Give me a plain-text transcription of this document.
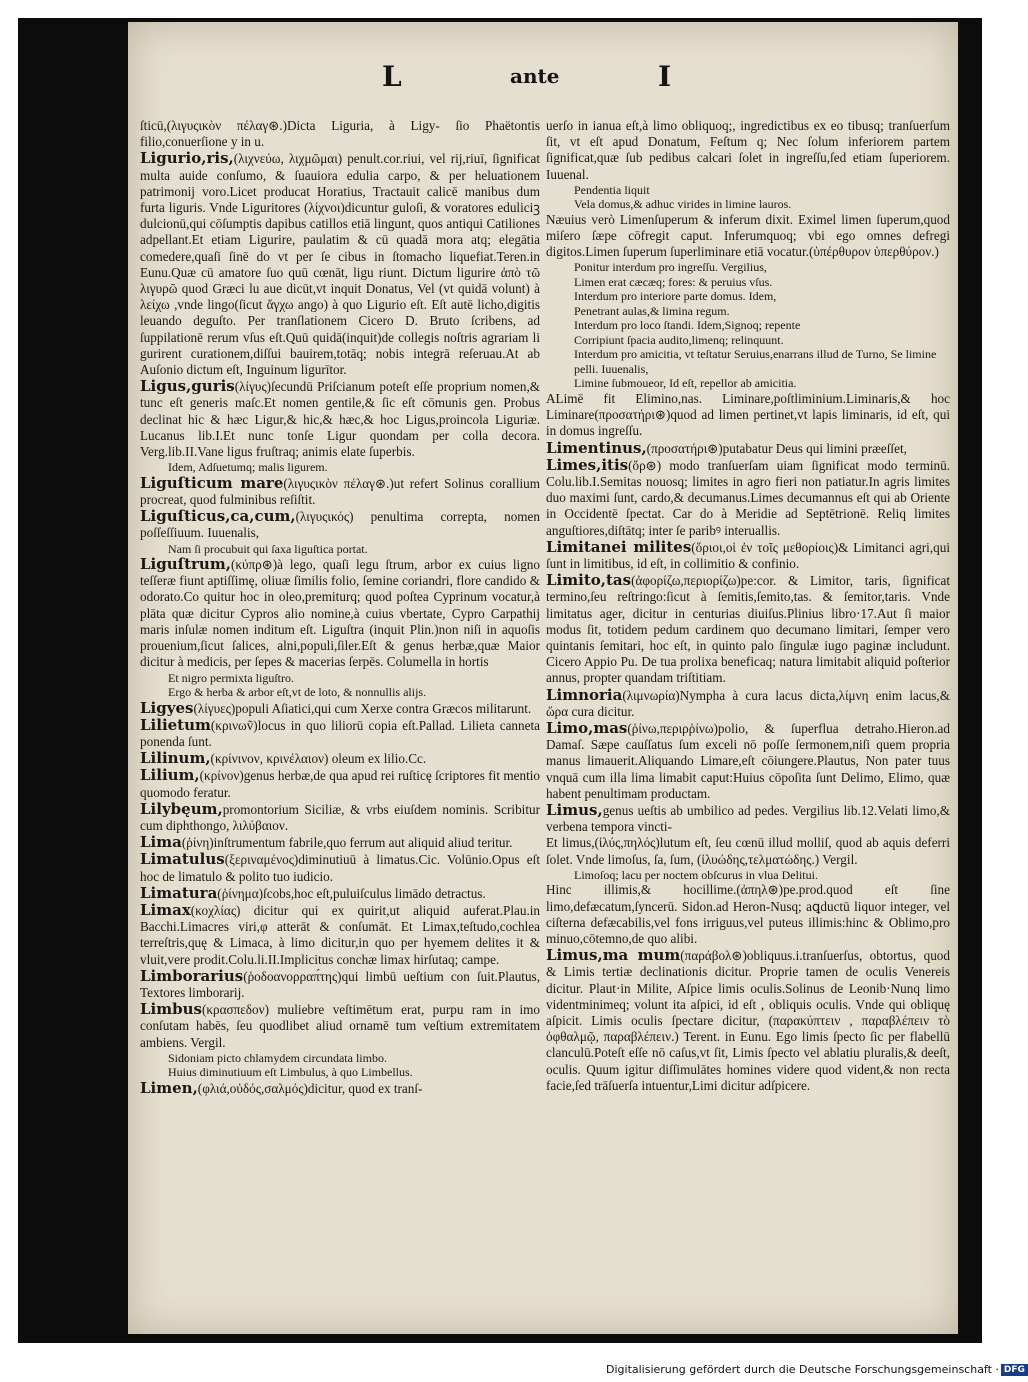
L	ante	I

ſticū,(λιγυςικὸν πέλαγ⊛.)Dicta Liguria, à Ligy- ſio Phaëtontis filio,conuerſione y in u.

Ligurio,ris,(λιχνεύω, λιχμῶμαι) penult.cor.riui, vel rij,riuī, ſignificat multa auide conſumo, & ſuauiora edulia carpo, & per heluationem patrimonij voro.Licet producat Horatius, Tractauit calicē manibus dum furta liguris. Vnde Liguritores (λίχνοι)dicuntur guloſi, & voratores eduliciꝫ dulcionū,qui cōſumptis dapibus catillos etiā lingunt, quos antiqui Catiliones adpellant.Et etiam Ligurire, paulatim & cū quadā mora atq; elegātia comedere,quaſi ſinē do vt per ſe cibus in ſtomacho liquefiat.Teren.in Eunu.Quæ cū amatore ſuo quū cœnāt, ligu riunt. Dictum ligurire ἀπὸ τῶ λιγυρῶ quod Græci lu aue dicūt,vt inquit Donatus, Vel (vt quidā volunt) à λείχω ,vnde lingo(ſicut ἄγχω ango) à quo Ligurio eſt. Eſt autē licho,digitis leuando deguſto. Per tranſlationem Cicero D. Bruto ſcribens, ad ſuppilationē rerum vſus eſt.Quū quidā(inquit)de collegis noſtris agrariam li gurirent curationem,diſſui bauirem,totāq; nobis integrā reſeruau.At ab Auſonio dictum eſt, Inguinum ligurītor.

Ligus,guris(λίγυς)ſecundū Priſcianum poteſt eſſe proprium nomen,& tunc eſt generis maſc.Et nomen gentile,& ſic eſt cōmunis gen. Probus declinat hic & hæc Ligur,& hic,& hæc,& hoc Ligus,proincola Liguriæ. Lucanus lib.I.Et nunc tonſe Ligur quondam per colla decora. Verg.lib.II.Vane ligus fruſtraq; animis elate ſuperbis.

Idem, Adſuetumq; malis ligurem.

Liguſticum mare(λιγυςικὸν πέλαγ⊛.)ut refert Solinus corallium procreat, quod fulminibus reſiſtit.

Liguſticus,ca,cum,(λιγυςικός) penultima correpta, nomen poſſeſſiuum. Iuuenalis,

Nam ſi procubuit qui ſaxa liguſtica portat.

Liguſtrum,(κύπρ⊛)à lego, quaſi legu ſtrum, arbor ex cuius ligno teſſeræ fiunt aptiſſimę, oliuæ ſimilis folio, ſemine coriandri, flore candido & odorato.Co quitur hoc in oleo,premiturq; quod poſtea Cyprinum vocatur,à plāta quæ dicitur Cypros alio nomine,à cuius vbertate, Cypro Carpathij maris inſulæ nomen inditum eſt. Liguſtra (inquit Plin.)non niſi in aquoſis prouenium,ſicut ſalices, alni,populi,ſiler.Eſt & genus herbæ,quæ Maior dicitur à medicis, per ſepes & macerias ſerpēs. Columella in hortis

Et nigro permixta liguſtro.

Ergo & herba & arbor eſt,vt de loto, & nonnullis alijs.

Ligyes(λίγυες)populi Aſiatici,qui cum Xerxe contra Græcos militarunt.

Lilietum(κρινωṽ)locus in quo liliorū copia eſt.Pallad. Lilieta canneta ponenda ſunt.

Lilinum,(κρίνινον, κρινέλαιον) oleum ex lilio.Cc.

Lilium,(κρίνον)genus herbæ,de qua apud rei ruſticę ſcriptores fit mentio quomodo feratur.

Lilybęum,promontorium Siciliæ, & vrbs eiuſdem nominis. Scribitur cum diphthongo, λιλύβαιον.

Lima(ῥίνη)inſtrumentum fabrile,quo ferrum aut aliquid aliud teritur.

Limatulus(ξεριναμένος)diminutiuū à limatus.Cic. Volūnio.Opus eſt hoc de limatulo & polito tuo iudicio.

Limatura(ῥίνημα)ſcobs,hoc eſt,puluiſculus limādo detractus.

Limax(κοχλίας) dicitur qui ex quirit,ut aliquid auferat.Plau.in Bacchi.Limacres viri,φ atterāt & conſumāt. Et Limax,teſtudo,cochlea terreſtris,quę & Limaca, à limo dicitur,in quo per hyemem delites it & vluit,vere prodit.Colu.li.II.Implicitus conchæ limax hirſutaq; campe.

Limborarius(ῥοδοανορραπ́της)qui limbū ueſtium con ſuit.Plautus, Textores limborarij.

Limbus(κρασπεδον) muliebre veſtimētum erat, purpu ram in imo conſutam habēs, ſeu quodlibet aliud ornamē tum veſtium extremitatem ambiens. Vergil.

Sidoniam picto chlamydem circundata limbo.

Huius diminutiuum eſt Limbulus, à quo Limbellus.

Limen,(φλιά,οὐδός,σαλμός)dicitur, quod ex tranſ-

uerſo in ianua eſt,à limo obliquoq;, ingredictibus ex eo tibusq; tranſuerſum ſit, vt eſt apud Donatum, Feſtum q; Nec ſolum inferiorem partem ſignificat,quæ ſub pedibus calcari ſolet in ingreſſu,ſed etiam ſuperiorem. Iuuenal.

Pendentia liquit

Vela domus,& adhuc virides in limine lauros.

Næuius verò Limenſuperum & inferum dixit. Eximel limen ſuperum,quod miſero ſæpe cōfregit caput. Inferumquoq; vbi ego omnes defregi digitos.Limen ſuperum ſuperliminare etiā vocatur.(ὑπέρθυρον ὑπερθύρον.)

Ponitur interdum pro ingreſſu. Vergilius,

Limen erat cæcæq; fores: & peruius vſus.

Interdum pro interiore parte domus. Idem,

Penetrant aulas,& limina regum.

Interdum pro loco ſtandi. Idem,Signoq; repente

Corripiunt ſpacia audito,limenq; relinquunt.

Interdum pro amicitia, vt teſtatur Seruius,enarrans illud de Turno, Se limine pelli. Iuuenalis,

Limine ſubmoueor, Id eſt, repellor ab amicitia.

ALimē fit Elimino,nas. Liminare,poſtliminium.Liminaris,& hoc Liminare(προσατήρι⊛)quod ad limen pertinet,vt lapis liminaris, id eſt, qui in domus ingreſſu.

Limentinus,(προσατήρι⊛)putabatur Deus qui limini præeſſet,

Limes,itis(ὅρ⊛) modo tranſuerſam uiam ſignificat modo terminū. Colu.lib.I.Semitas nouosq; limites in agro fieri non patiatur.In agris limites duo maximi ſunt, cardo,& decumanus.Limes decumannus eſt qui ab Oriente in Occidentē ſpectat. Car do à Meridie ad Septētrionē. Reliq limites anguſtiores,diſtātq; inter ſe paribꝰ interuallis.

Limitanei milites(ὅριοι,οἱ ἐν τοῖς μεθορίοις)& Limitanci agri,qui ſunt in limitibus, id eſt, in collimitio & confinio.

Limito,tas(ἀφορίζω,περιορίζω)pe:cor. & Limitor, taris, ſignificat termino,ſeu reſtringo:ſicut à ſemitis,ſemito,tas. & ſemitor,taris. Vnde limitatus ager, dicitur in centurias diuiſus.Plinius libro·17.Aut ſi maior modus ſit, totidem pedum cardinem quo decumano limitari, ſemper vero quintanis ſemitari, hoc eſt, in quinto palo ſingulæ iugo paginæ includunt. Cicero Appio Pu. De tua prolixa beneficaq; natura limitabit aliquid poſterior annus, propter quandam triſtitiam.

Limnoria(λιμνωρία)Nympha à cura lacus dicta,λίμνη enim lacus,& ὥρα cura dicitur.

Limo,mas(ῥίνω,περιρῥίνω)polio, & ſuperflua detraho.Hieron.ad Damaſ. Sæpe cauſſatus ſum exceli nō poſſe ſermonem,niſi quem propria manus limauerit.Aliquando Limare,eſt cōiungere.Plautus, Non pater tuus vnquā cum illa lima limabit caput:Huius cōpoſita ſunt Delimo, Elimo, quæ habent penultimam productam.

Limus,genus ueſtis ab umbilico ad pedes. Vergilius lib.12.Velati limo,& verbena tempora vincti-

Et limus,(ἰλύς,πηλός)lutum eſt, ſeu cœnū illud molliſ, quod ab aquis deferri ſolet. Vnde limoſus, ſa, ſum, (ἰλυώδης,τελματώδης.) Vergil.

Limoſoq; lacu per noctem obſcurus in vlua Delitui.

Hinc illimis,& hocillime.(ἀπηλ⊛)pe.prod.quod eſt ſine limo,defæcatum,ſyncerū. Sidon.ad Heron-Nusq; aꝗductū liquor integer, vel ciſterna defæcabilis,vel fons irriguus,vel puteus illimis:hinc & Oblimo,pro minuo,cōtemno,de quo alibi.

Limus,ma mum(παράβολ⊛)obliquus.i.tranſuerſus, obtortus, quod & Limis tertiæ declinationis dicitur. Proprie tamen de oculis Venereis dicitur. Plaut·in Milite, Aſpice limis oculis.Solinus de Leonib·Nunq limo videntminimeq; volunt ita aſpici, id eſt , obliquis oculis. Vnde qui obliquę aſpicit. Limis oculis ſpectare dicitur, (παρακύπτειν , παραβλέπειν τὸ ὀφθαλμῷ, παραβλέπειν.) Terent. in Eunu. Ego limis ſpecto ſic per flabellū clanculū.Poteſt eſſe nō caſus,vt ſit, Limis ſpecto vel ablatiu pluralis,& deeſt, oculis. Quum igitur diſſimulātes homines videre quod vident,& non recta facie,ſed trāſuerſa intuentur,Limi dicitur adſpicere.

Digitalisierung gefördert durch die Deutsche Forschungsgemeinschaft · DFG
